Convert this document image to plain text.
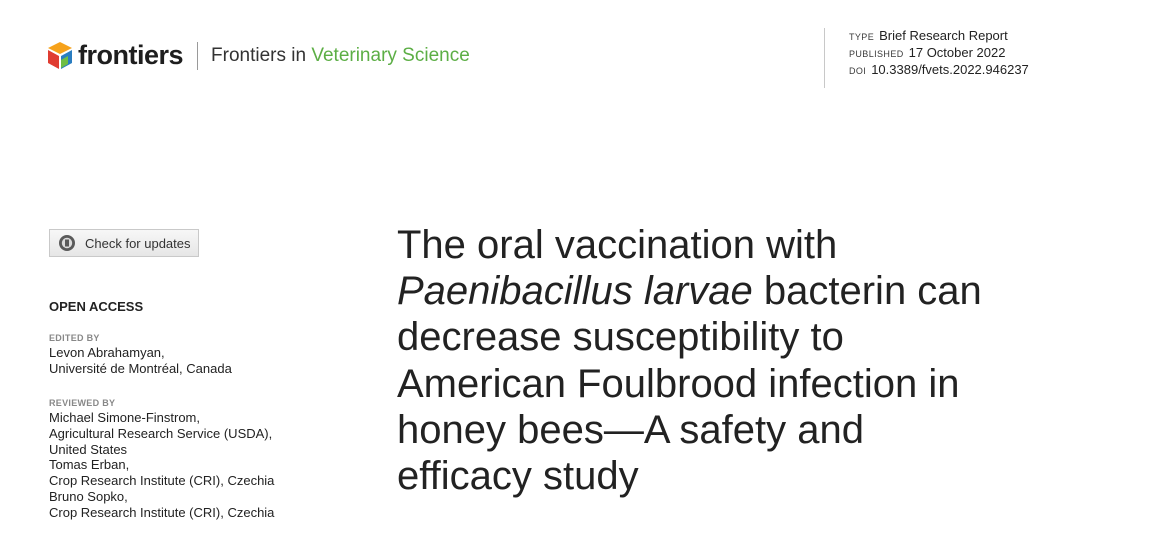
frontiers Frontiers in Veterinary Science
TYPE Brief Research Report
PUBLISHED 17 October 2022
DOI 10.3389/fvets.2022.946237
Check for updates
OPEN ACCESS
EDITED BY
Levon Abrahamyan,
Université de Montréal, Canada
REVIEWED BY
Michael Simone-Finstrom,
Agricultural Research Service (USDA),
United States
Tomas Erban,
Crop Research Institute (CRI), Czechia
Bruno Sopko,
Crop Research Institute (CRI), Czechia
The oral vaccination with
Paenibacillus larvae bacterin can
decrease susceptibility to
American Foulbrood infection in
honey bees—A safety and
efficacy study
